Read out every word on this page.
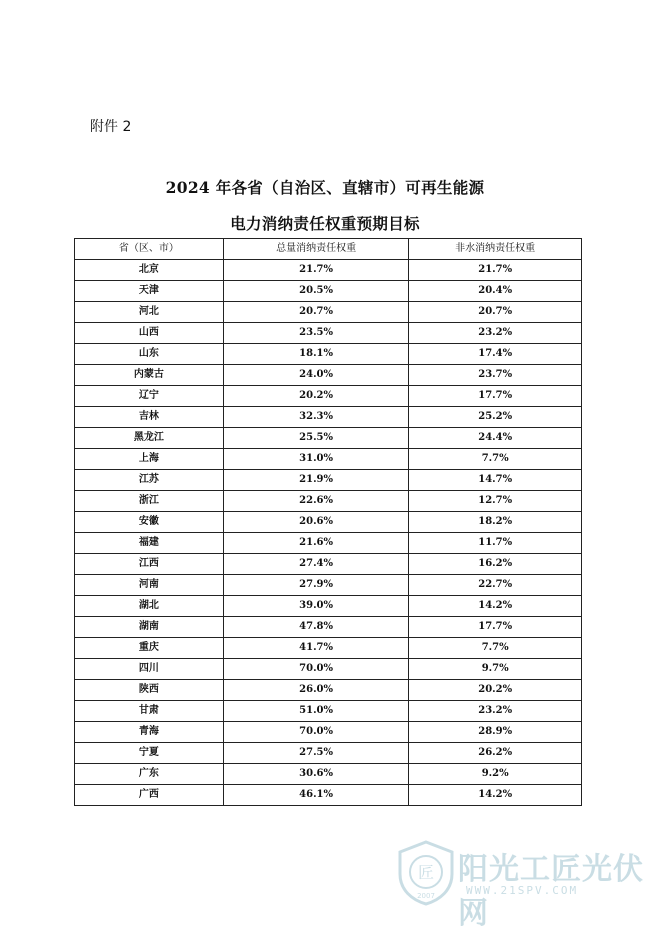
附件 2
2024 年各省（自治区、直辖市）可再生能源
电力消纳责任权重预期目标
省（区、市）	总量消纳责任权重	非水消纳责任权重
北京	21.7%	21.7%
天津	20.5%	20.4%
河北	20.7%	20.7%
山西	23.5%	23.2%
山东	18.1%	17.4%
内蒙古	24.0%	23.7%
辽宁	20.2%	17.7%
吉林	32.3%	25.2%
黑龙江	25.5%	24.4%
上海	31.0%	7.7%
江苏	21.9%	14.7%
浙江	22.6%	12.7%
安徽	20.6%	18.2%
福建	21.6%	11.7%
江西	27.4%	16.2%
河南	27.9%	22.7%
湖北	39.0%	14.2%
湖南	47.8%	17.7%
重庆	41.7%	7.7%
四川	70.0%	9.7%
陕西	26.0%	20.2%
甘肃	51.0%	23.2%
青海	70.0%	28.9%
宁夏	27.5%	26.2%
广东	30.6%	9.2%
广西	46.1%	14.2%
匠
2007
阳光工匠光伏网
WWW.21SPV.COM
